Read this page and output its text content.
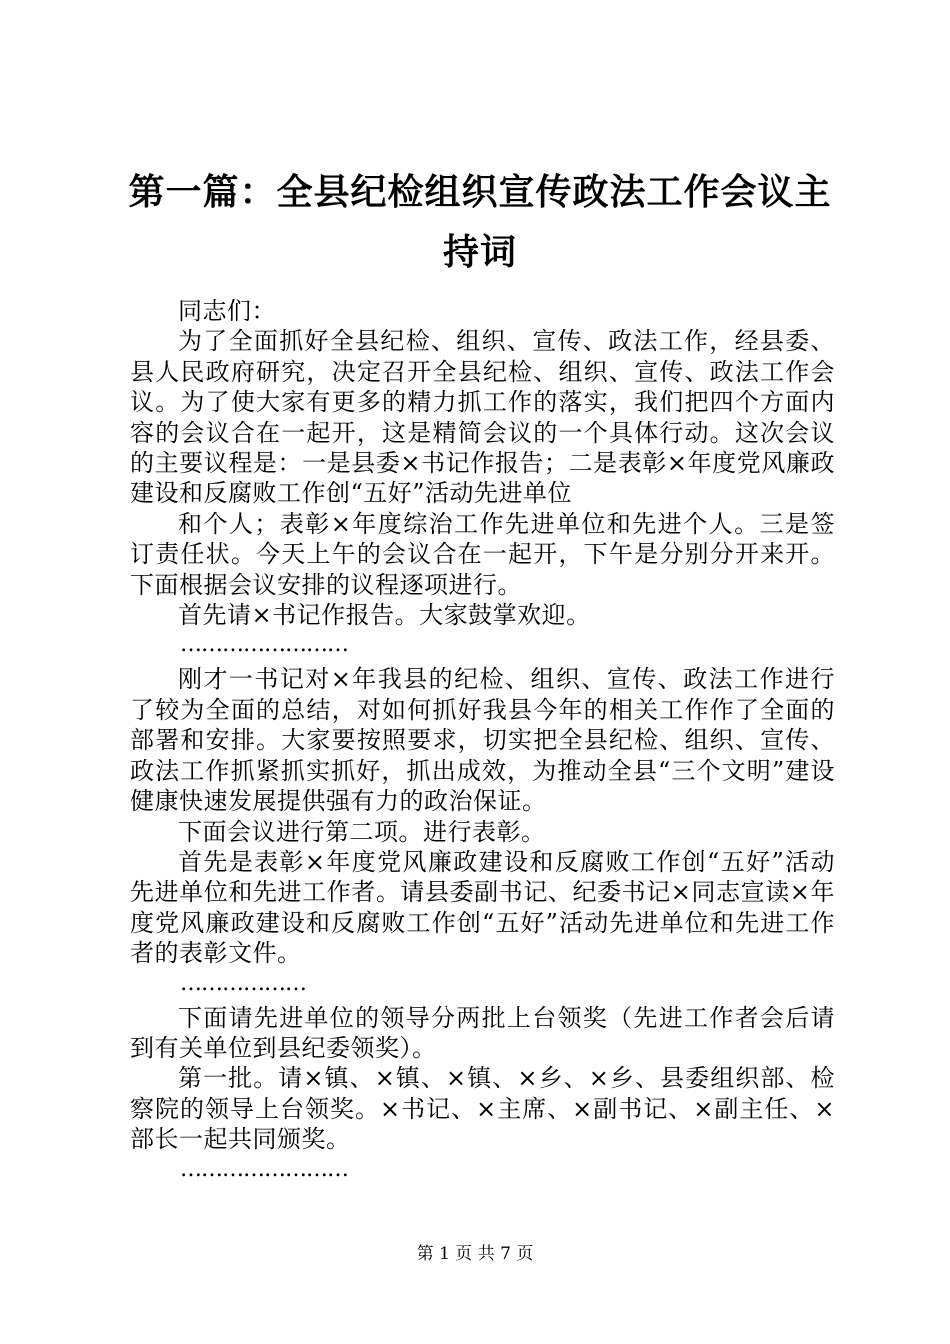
第一篇：全县纪检组织宣传政法工作会议主持词

同志们：

为了全面抓好全县纪检、组织、宣传、政法工作，经县委、县人民政府研究，决定召开全县纪检、组织、宣传、政法工作会议。为了使大家有更多的精力抓工作的落实，我们把四个方面内容的会议合在一起开，这是精简会议的一个具体行动。这次会议的主要议程是：一是县委×书记作报告；二是表彰×年度党风廉政建设和反腐败工作创“五好”活动先进单位

和个人；表彰×年度综治工作先进单位和先进个人。三是签订责任状。今天上午的会议合在一起开，下午是分别分开来开。下面根据会议安排的议程逐项进行。

首先请×书记作报告。大家鼓掌欢迎。

……………………

刚才一书记对×年我县的纪检、组织、宣传、政法工作进行了较为全面的总结，对如何抓好我县今年的相关工作作了全面的部署和安排。大家要按照要求，切实把全县纪检、组织、宣传、政法工作抓紧抓实抓好，抓出成效，为推动全县“三个文明”建设健康快速发展提供强有力的政治保证。

下面会议进行第二项。进行表彰。

首先是表彰×年度党风廉政建设和反腐败工作创“五好”活动先进单位和先进工作者。请县委副书记、纪委书记×同志宣读×年度党风廉政建设和反腐败工作创“五好”活动先进单位和先进工作者的表彰文件。

………………

下面请先进单位的领导分两批上台领奖（先进工作者会后请到有关单位到县纪委领奖）。

第一批。请×镇、×镇、×镇、×乡、×乡、县委组织部、检察院的领导上台领奖。×书记、×主席、×副书记、×副主任、×部长一起共同颁奖。

……………………

第 1 页 共 7 页
